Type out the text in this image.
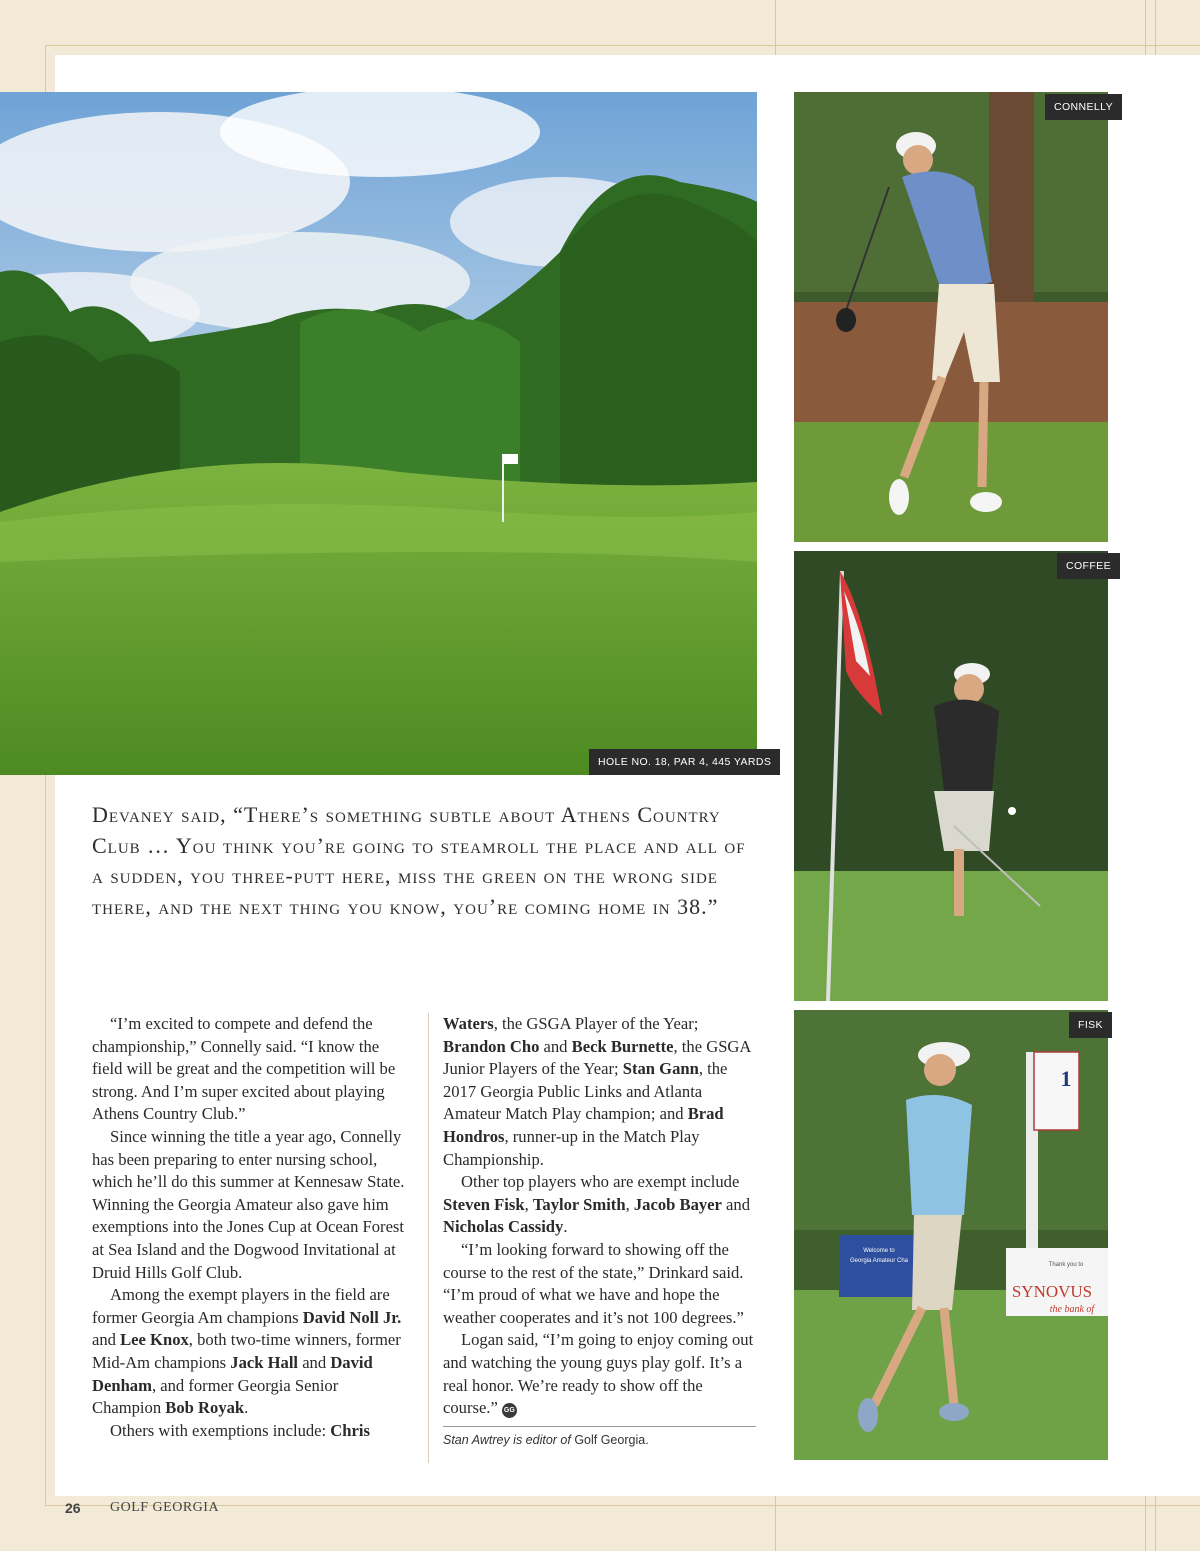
HOLE NO. 18, PAR 4, 445 YARDS
CONNELLY
COFFEE
1
Welcome to
Georgia Amateur Cha
Thank you to
SYNOVUS
the bank of
FISK

Devaney said, “There’s something subtle about Athens Country Club … You think you’re going to steamroll the place and all of a sudden, you three-putt here, miss the green on the wrong side there, and the next thing you know, you’re coming home in 38.”

“I’m excited to compete and defend the championship,” Connelly said. “I know the field will be great and the competition will be strong. And I’m super excited about playing Athens Country Club.”

Since winning the title a year ago, Connelly has been preparing to enter nursing school, which he’ll do this summer at Kennesaw State. Winning the Georgia Amateur also gave him exemptions into the Jones Cup at Ocean Forest at Sea Island and the Dogwood Invitational at Druid Hills Golf Club.

Among the exempt players in the field are former Georgia Am champions David Noll Jr. and Lee Knox, both two-time winners, former Mid-Am champions Jack Hall and David Denham, and former Georgia Senior Champion Bob Royak.

Others with exemptions include: Chris

Waters, the GSGA Player of the Year; Brandon Cho and Beck Burnette, the GSGA Junior Players of the Year; Stan Gann, the 2017 Georgia Public Links and Atlanta Amateur Match Play champion; and Brad Hondros, runner-up in the Match Play Championship.

Other top players who are exempt include Steven Fisk, Taylor Smith, Jacob Bayer and Nicholas Cassidy.

“I’m looking forward to showing off the course to the rest of the state,” Drinkard said. “I’m proud of what we have and hope the weather cooperates and it’s not 100 degrees.”

Logan said, “I’m going to enjoy coming out and watching the young guys play golf. It’s a real honor. We’re ready to show off the course.” GG

Stan Awtrey is editor of Golf Georgia.
26 GOLF GEORGIA
